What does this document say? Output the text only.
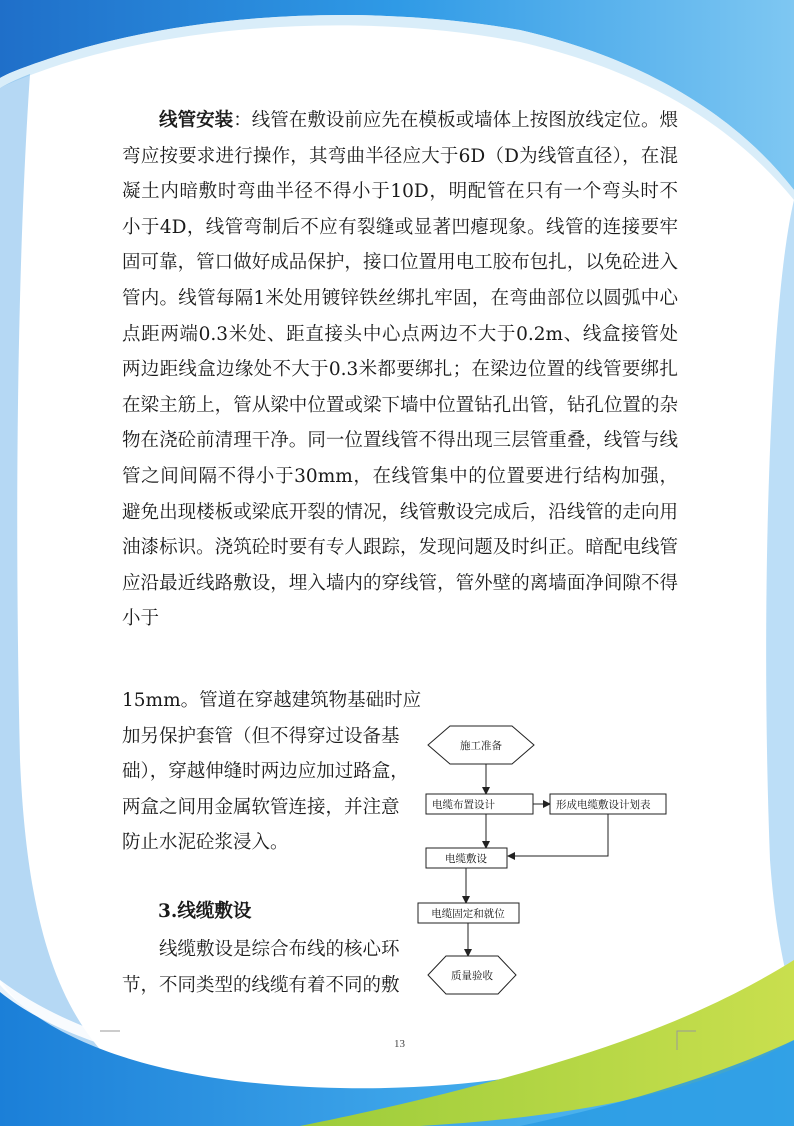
线管安装：线管在敷设前应先在模板或墙体上按图放线定位。煨弯应按要求进行操作，其弯曲半径应大于6D（D为线管直径），在混凝土内暗敷时弯曲半径不得小于10D，明配管在只有一个弯头时不小于4D，线管弯制后不应有裂缝或显著凹瘪现象。线管的连接要牢固可靠，管口做好成品保护，接口位置用电工胶布包扎，以免砼进入管内。线管每隔1米处用镀锌铁丝绑扎牢固，在弯曲部位以圆弧中心点距两端0.3米处、距直接头中心点两边不大于0.2m、线盒接管处两边距线盒边缘处不大于0.3米都要绑扎；在梁边位置的线管要绑扎在梁主筋上，管从梁中位置或梁下墙中位置钻孔出管，钻孔位置的杂物在浇砼前清理干净。同一位置线管不得出现三层管重叠，线管与线管之间间隔不得小于30mm，在线管集中的位置要进行结构加强，避免出现楼板或梁底开裂的情况，线管敷设完成后，沿线管的走向用油漆标识。浇筑砼时要有专人跟踪，发现问题及时纠正。暗配电线管应沿最近线路敷设，埋入墙内的穿线管，管外壁的离墙面净间隙不得小于
15mm。管道在穿越建筑物基础时应
加另保护套管（但不得穿过设备基
础），穿越伸缝时两边应加过路盒，
两盒之间用金属软管连接，并注意
防止水泥砼浆浸入。
3.线缆敷设
　　线缆敷设是综合布线的核心环
节，不同类型的线缆有着不同的敷
施工准备
电缆布置设计	形成电缆敷设计划表
电缆敷设
电缆固定和就位
质量验收
13
